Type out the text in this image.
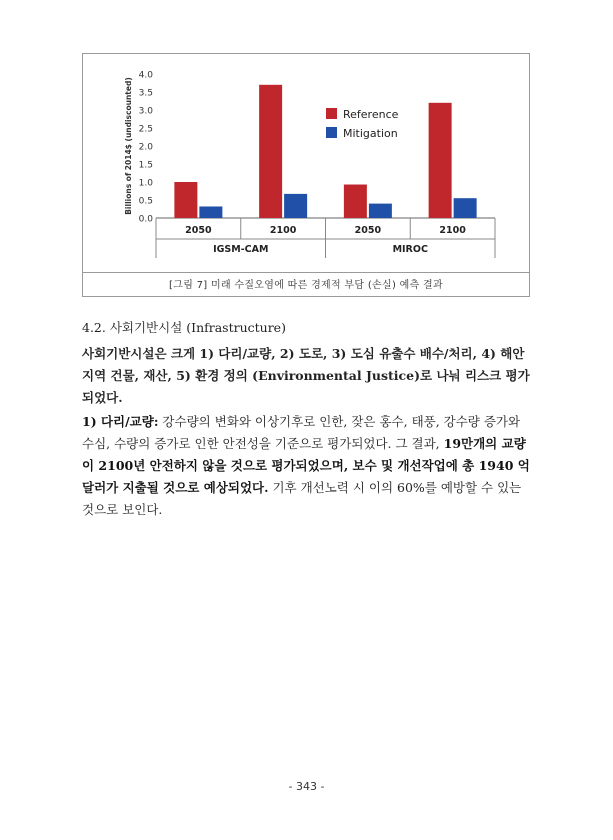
4.0
3.5
3.0
2.5
2.0
1.5
1.0
0.5
0.0
Billions of 2014$ (undiscounted)
2050	2100	2050	2100
IGSM-CAM	MIROC
Reference
Mitigation
[그림 7] 미래 수질오염에 따른 경제적 부담 (손실) 예측 결과
4.2. 사회기반시설 (Infrastructure)
사회기반시설은 크게 1) 다리/교량, 2) 도로, 3) 도심 유출수 배수/처리, 4) 해안지역 건물, 재산, 5) 환경 정의 (Environmental Justice)로 나눠 리스크 평가되었다.
1) 다리/교량: 강수량의 변화와 이상기후로 인한, 잦은 홍수, 태풍, 강수량 증가와 수심, 수량의 증가로 인한 안전성을 기준으로 평가되었다. 그 결과, 19만개의 교량이 2100년 안전하지 않을 것으로 평가되었으며, 보수 및 개선작업에 총 1940 억 달러가 지출될 것으로 예상되었다. 기후 개선노력 시 이의 60%를 예방할 수 있는 것으로 보인다.
- 343 -
